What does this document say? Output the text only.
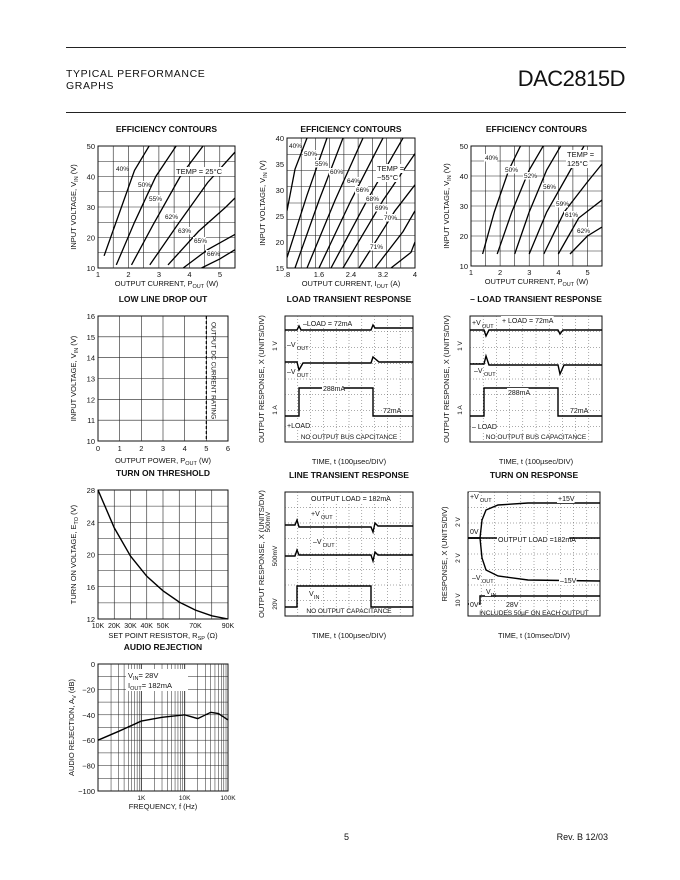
TYPICAL PERFORMANCE
GRAPHS	DAC2815D
EFFICIENCY CONTOURS
1	2	3	4	5
50
40
30
20
10
40%
50%
55%
62%
63%
65%
66%
TEMP = 25°C
OUTPUT CURRENT, $P_{OUT}$ (W)
INPUT VOLTAGE, $V_{IN}$ (V)
EFFICIENCY CONTOURS
.8	1.6	2.4	3.2	4
40
35
30
25
20
15
40%
50%
55%
60%
64%
66%
68%
69%
70%
71%
TEMP =
−55°C
OUTPUT CURRENT, $I_{OUT}$ (A)
INPUT VOLTAGE, $V_{IN}$ (V)
EFFICIENCY CONTOURS
1	2	3	4	5
50
40
30
20
10
40%
50%
52%
56%
59%
61%
62%
TEMP =
125°C
OUTPUT CURRENT, $P_{OUT}$ (W)
INPUT VOLTAGE, $V_{IN}$ (V)
LOW LINE DROP OUT
OUTPUT DC CURRENT RATING
0 1 2 3 4 5 6
16
15
14
13
12
11
10
OUTPUT POWER, $P_{OUT}$ (W)
INPUT VOLTAGE, $V_{IN}$ (V)
LOAD TRANSIENT RESPONSE
–LOAD = 72mA
–V OUT
–V OUT
288mA
72mA
+LOAD
NO OUTPUT BUS CAPCITANCE
1 V
1 A
TIME, t (100µsec/DIV)
OUTPUT RESPONSE, X (UNITS/DIV)
– LOAD TRANSIENT RESPONSE
+V OUT
+ LOAD = 72mA
–V OUT
288mA
72mA
– LOAD
NO OUTPUT BUS CAPACITANCE
1 V
1 A
TIME, t (100µsec/DIV)
OUTPUT RESPONSE, X (UNITS/DIV)
LINE TRANSIENT RESPONSE
OUTPUT LOAD = 182mA
+V OUT
–V OUT
V IN
NO OUTPUT CAPACITANCE
500mV
500mV
20V
TIME, t (100µsec/DIV)
OUTPUT RESPONSE, X (UNITS/DIV)
TURN ON RESPONSE
+V OUT	+15V
0V
OUTPUT LOAD =182mA
–V OUT	–15V
0V
V IN
28V
INCLUDES 50µF ON EACH OUTPUT
2 V
2 V
10 V
TIME, t (10msec/DIV)
RESPONSE, X (UNITS/DIV)
TURN ON THRESHOLD
10K 20K 30K 40K 50K	70K	90K
28
24
20
16
12
SET POINT RESISTOR, $R_{SP}$ (Ω)
TURN ON VOLTAGE, $E_{TO}$ (V)
AUDIO REJECTION
1K	10K	100K
0
−20
−40
−60
−80
−100
$V_{IN}= 28V$
$I_{OUT}= 182mA$
FREQUENCY, f (Hz)
AUDIO REJECTION, $A_V$ (dB)
5	Rev. B 12/03
